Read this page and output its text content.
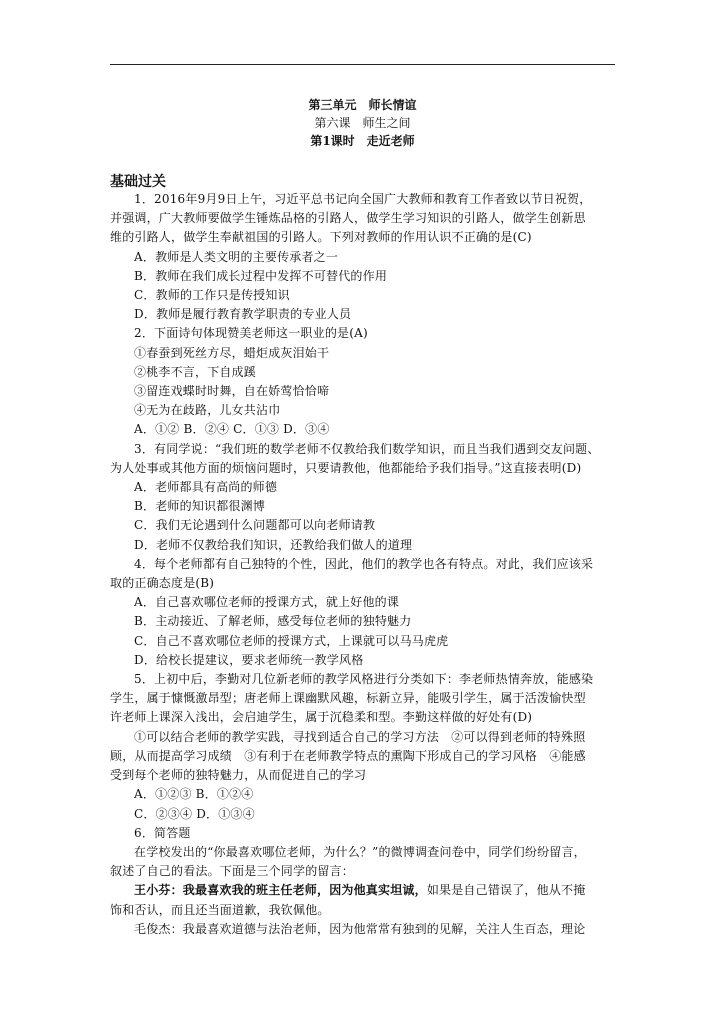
第三单元　师长情谊
第六课　师生之间
第1课时　走近老师
基础过关

1．2016年9月9日上午，习近平总书记向全国广大教师和教育工作者致以节日祝贺，

并强调，广大教师要做学生锤炼品格的引路人，做学生学习知识的引路人，做学生创新思

维的引路人，做学生奉献祖国的引路人。下列对教师的作用认识不正确的是(C)

A．教师是人类文明的主要传承者之一

B．教师在我们成长过程中发挥不可替代的作用

C．教师的工作只是传授知识

D．教师是履行教育教学职责的专业人员

2．下面诗句体现赞美老师这一职业的是(A)

①春蚕到死丝方尽，蜡炬成灰泪始干

②桃李不言，下自成蹊

③留连戏蝶时时舞，自在娇莺恰恰啼

④无为在歧路，儿女共沾巾

A．①② B．②④ C．①③ D．③④

3．有同学说：“我们班的数学老师不仅教给我们数学知识，而且当我们遇到交友问题、

为人处事或其他方面的烦恼问题时，只要请教他，他都能给予我们指导。”这直接表明(D)

A．老师都具有高尚的师德

B．老师的知识都很渊博

C．我们无论遇到什么问题都可以向老师请教

D．老师不仅教给我们知识，还教给我们做人的道理

4．每个老师都有自己独特的个性，因此，他们的教学也各有特点。对此，我们应该采

取的正确态度是(B)

A．自己喜欢哪位老师的授课方式，就上好他的课

B．主动接近、了解老师，感受每位老师的独特魅力

C．自己不喜欢哪位老师的授课方式，上课就可以马马虎虎

D．给校长提建议，要求老师统一教学风格

5．上初中后，李勤对几位新老师的教学风格进行分类如下：李老师热情奔放，能感染

学生，属于慷慨激昂型；唐老师上课幽默风趣，标新立异，能吸引学生，属于活泼愉快型

许老师上课深入浅出，会启迪学生，属于沉稳柔和型。李勤这样做的好处有(D)

①可以结合老师的教学实践，寻找到适合自己的学习方法　②可以得到老师的特殊照

顾，从而提高学习成绩　③有利于在老师教学特点的熏陶下形成自己的学习风格　④能感

受到每个老师的独特魅力，从而促进自己的学习

A．①②③ B．①②④

C．②③④ D．①③④

6．简答题

在学校发出的“你最喜欢哪位老师，为什么？”的微博调查问卷中，同学们纷纷留言，

叙述了自己的看法。下面是三个同学的留言：

王小芬：我最喜欢我的班主任老师，因为他真实坦诚，如果是自己错误了，他从不掩

饰和否认，而且还当面道歉，我钦佩他。

毛俊杰：我最喜欢道德与法治老师，因为他常常有独到的见解，关注人生百态，理论
